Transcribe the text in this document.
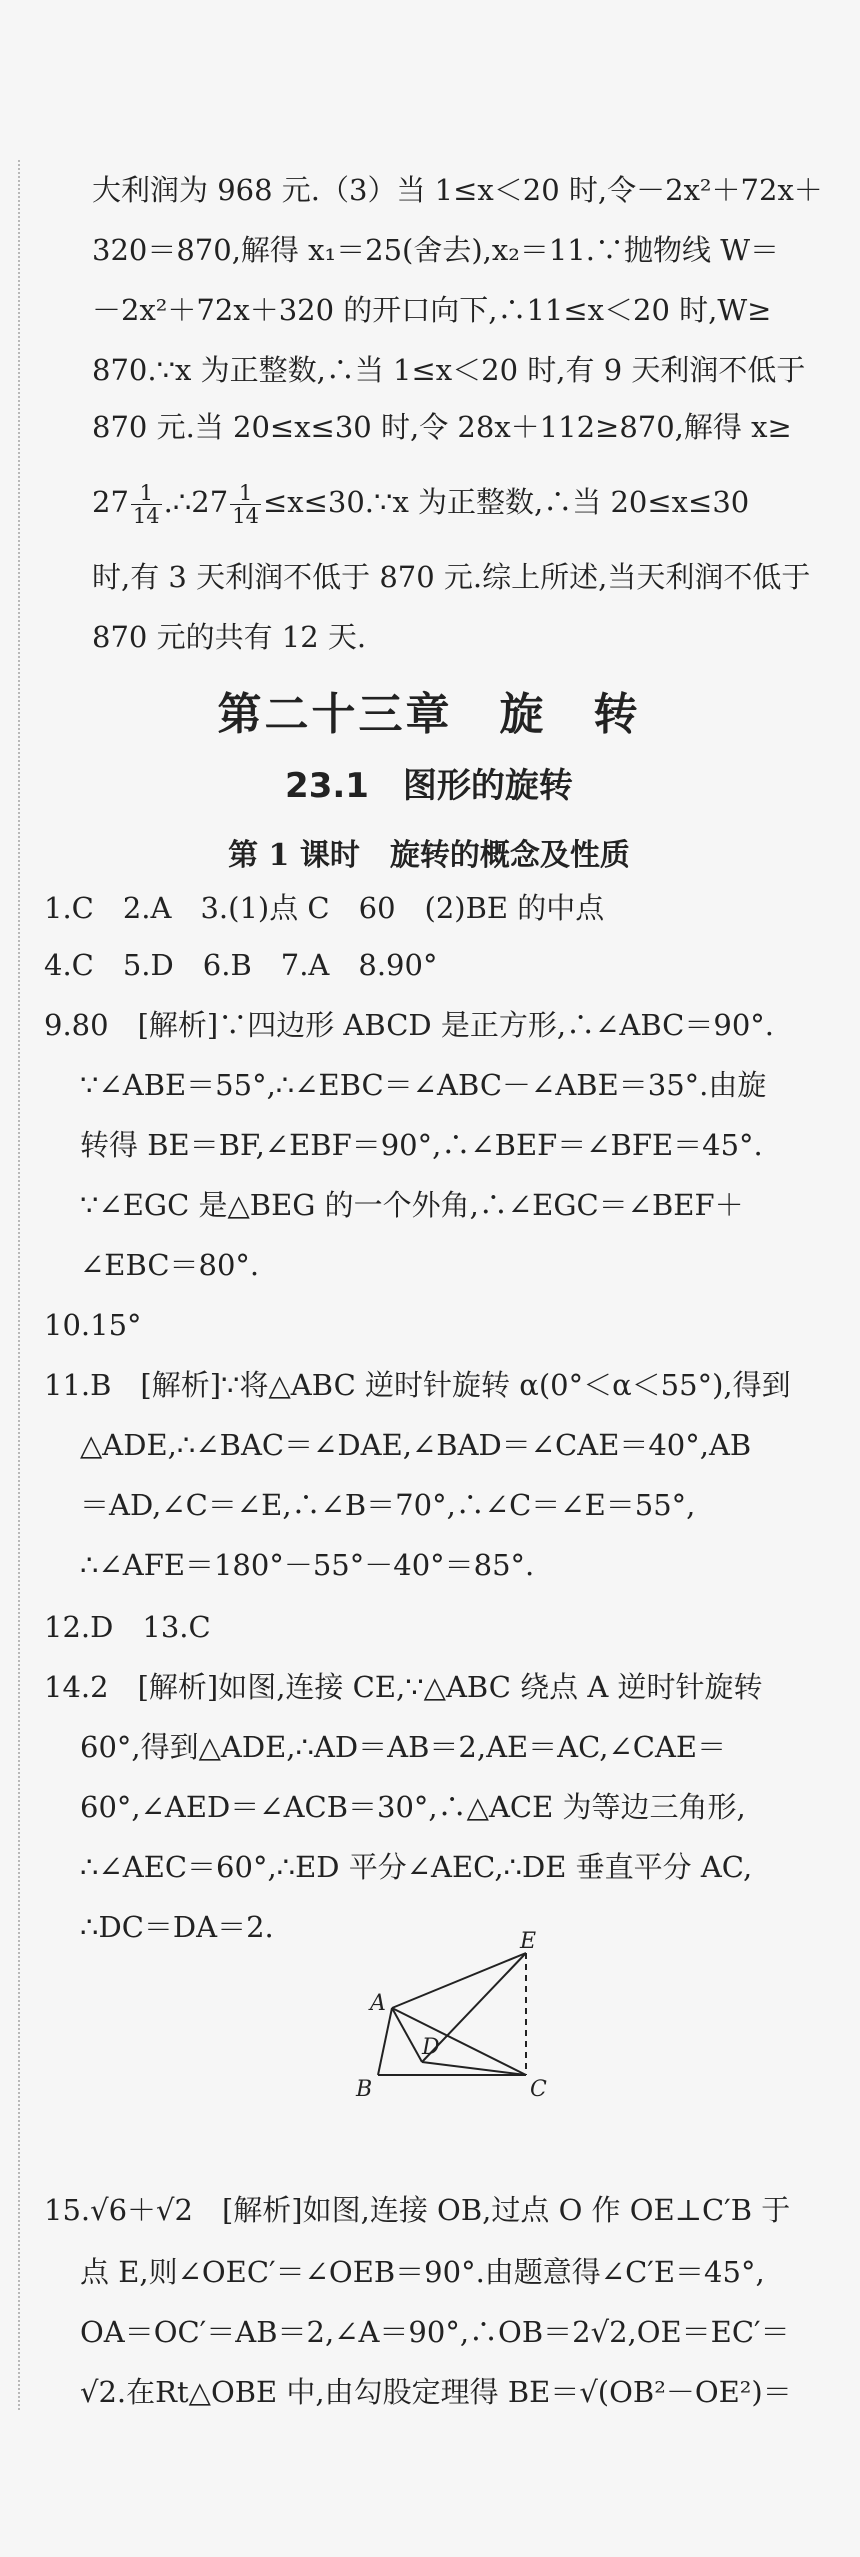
大利润为 968 元.（3）当 1≤x＜20 时,令－2x²＋72x＋
320＝870,解得 x₁＝25(舍去),x₂＝11.∵抛物线 W＝
－2x²＋72x＋320 的开口向下,∴11≤x＜20 时,W≥
870.∵x 为正整数,∴当 1≤x＜20 时,有 9 天利润不低于
870 元.当 20≤x≤30 时,令 28x＋112≥870,解得 x≥
$27 \frac{1}{14}$ .∴27 $\frac{1}{14}$ ≤x≤30.∵x 为正整数,∴当 20≤x≤30
时,有 3 天利润不低于 870 元.综上所述,当天利润不低于
870 元的共有 12 天.
第二十三章　旋　转
23.1　图形的旋转
第 1 课时　旋转的概念及性质
1.C　2.A　3.(1)点 C　60　(2)BE 的中点
4.C　5.D　6.B　7.A　8.90°
9.80　[解析]∵四边形 ABCD 是正方形,∴∠ABC＝90°.
∵∠ABE＝55°,∴∠EBC＝∠ABC－∠ABE＝35°.由旋
转得 BE＝BF,∠EBF＝90°,∴∠BEF＝∠BFE＝45°.
∵∠EGC 是△BEG 的一个外角,∴∠EGC＝∠BEF＋
∠EBC＝80°.
10.15°
11.B　[解析]∵将△ABC 逆时针旋转 α(0°＜α＜55°),得到
△ADE,∴∠BAC＝∠DAE,∠BAD＝∠CAE＝40°,AB
＝AD,∠C＝∠E,∴∠B＝70°,∴∠C＝∠E＝55°,
∴∠AFE＝180°－55°－40°＝85°.
12.D　13.C
14.2　[解析]如图,连接 CE,∵△ABC 绕点 A 逆时针旋转
60°,得到△ADE,∴AD＝AB＝2,AE＝AC,∠CAE＝
60°,∠AED＝∠ACB＝30°,∴△ACE 为等边三角形,
∴∠AEC＝60°,∴ED 平分∠AEC,∴DE 垂直平分 AC,
∴DC＝DA＝2.	E
A
D
B	C
15.√6＋√2　[解析]如图,连接 OB,过点 O 作 OE⊥C′B 于
点 E,则∠OEC′＝∠OEB＝90°.由题意得∠C′E＝45°,
OA＝OC′＝AB＝2,∠A＝90°,∴OB＝2√2,OE＝EC′＝
√2.在Rt△OBE 中,由勾股定理得 BE＝√(OB²－OE²)＝
